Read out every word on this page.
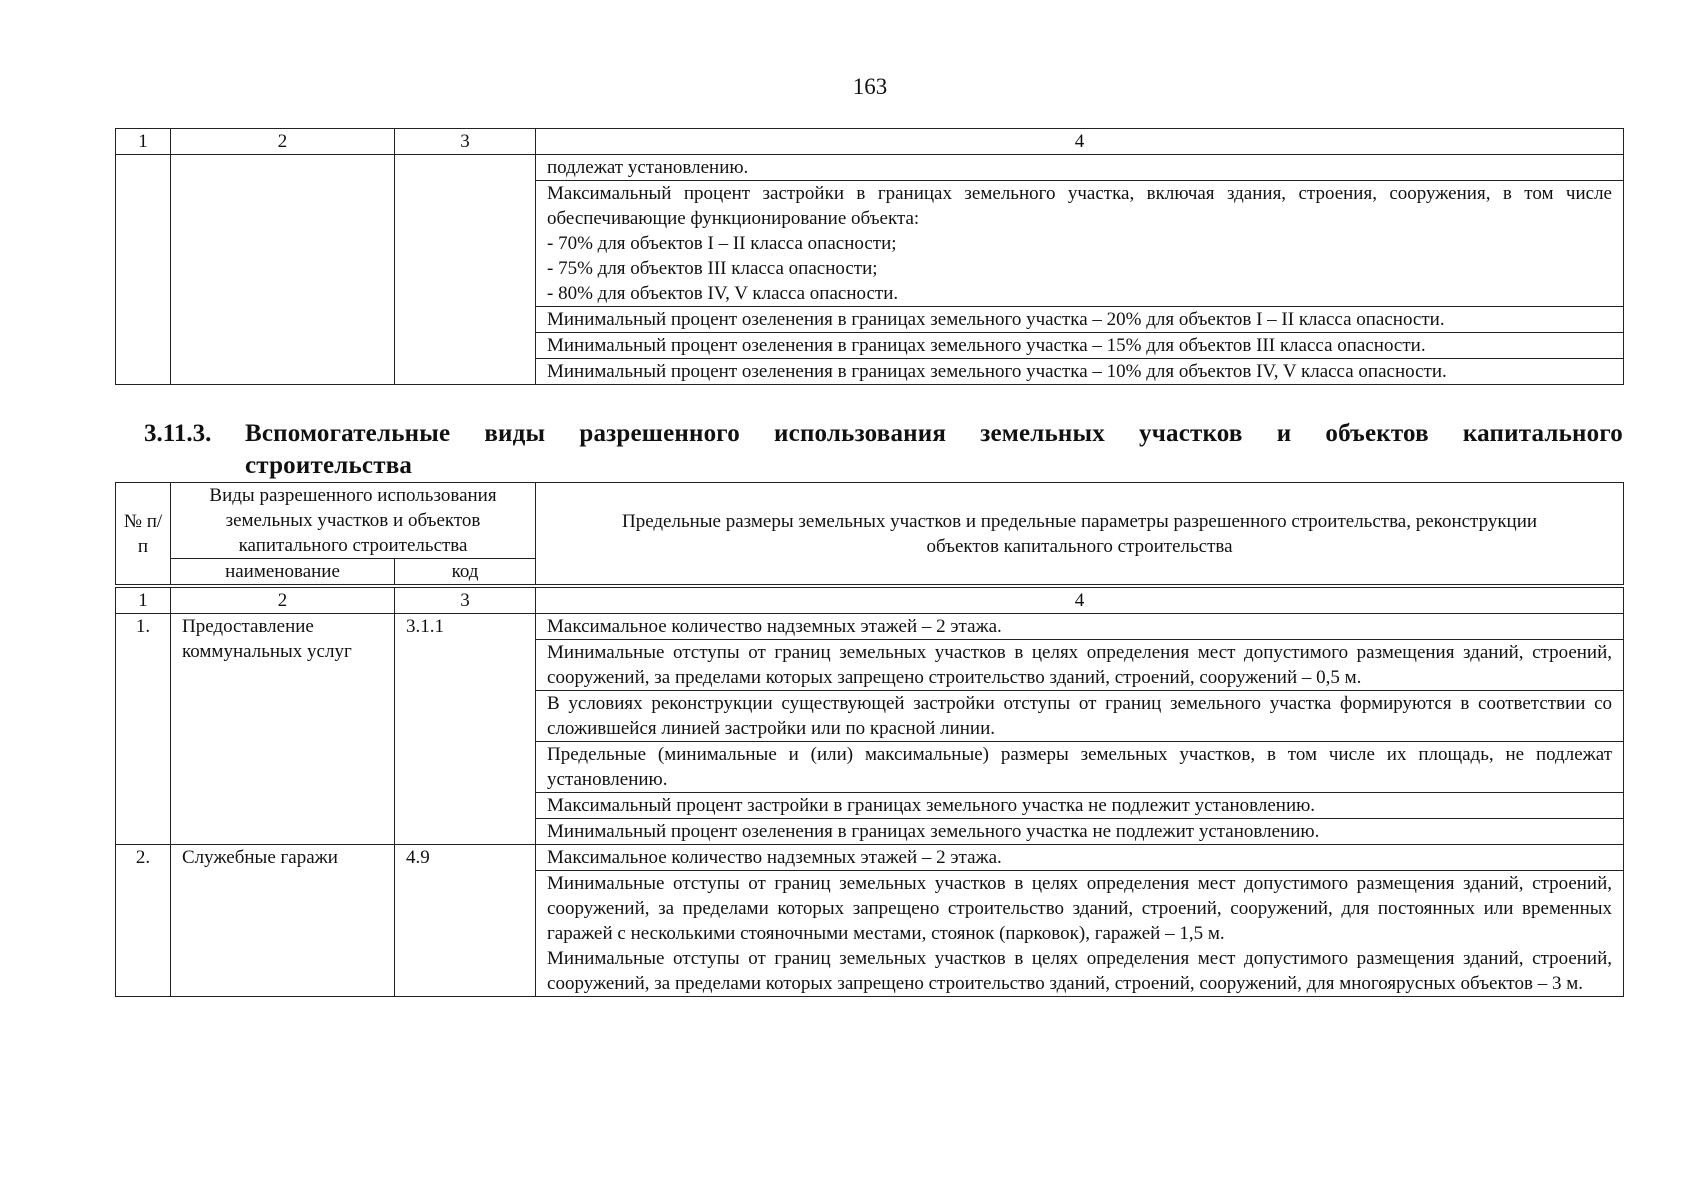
163
1	2	3	4
			подлежат установлению.

			Максимальный процент застройки в границах земельного участка, включая здания, строения, сооружения, в том числе обеспечивающие функционирование объекта:
- 70% для объектов I – II класса опасности;
- 75% для объектов III класса опасности;
- 80% для объектов IV, V класса опасности.

			Минимальный процент озеленения в границах земельного участка – 20% для объектов I – II класса опасности.
			Минимальный процент озеленения в границах земельного участка – 15% для объектов III класса опасности.
			Минимальный процент озеленения в границах земельного участка – 10% для объектов IV, V класса опасности.
3.11.3. Вспомогательные виды разрешенного использования земельных участков и объектов капитального строительства
№ п/п	Виды разрешенного использования земельных участков и объектов капитального строительства		Предельные размеры земельных участков и предельные параметры разрешенного строительства, реконструкции объектов капитального строительства
	наименование	код	
1	2	3	4
1.	Предоставление коммунальных услуг	3.1.1	Максимальное количество надземных этажей – 2 этажа.
			Минимальные отступы от границ земельных участков в целях определения мест допустимого размещения зданий, строений, сооружений, за пределами которых запрещено строительство зданий, строений, сооружений – 0,5 м.
			В условиях реконструкции существующей застройки отступы от границ земельного участка формируются в соответствии со сложившейся линией застройки или по красной линии.
			Предельные (минимальные и (или) максимальные) размеры земельных участков, в том числе их площадь, не подлежат установлению.
			Максимальный процент застройки в границах земельного участка не подлежит установлению.
			Минимальный процент озеленения в границах земельного участка не подлежит установлению.
2.	Служебные гаражи	4.9	Максимальное количество надземных этажей – 2 этажа.

			Минимальные отступы от границ земельных участков в целях определения мест допустимого размещения зданий, строений, сооружений, за пределами которых запрещено строительство зданий, строений, сооружений, для постоянных или временных гаражей с несколькими стояночными местами, стоянок (парковок), гаражей – 1,5 м.
Минимальные отступы от границ земельных участков в целях определения мест допустимого размещения зданий, строений, сооружений, за пределами которых запрещено строительство зданий, строений, сооружений, для многоярусных объектов – 3 м.
